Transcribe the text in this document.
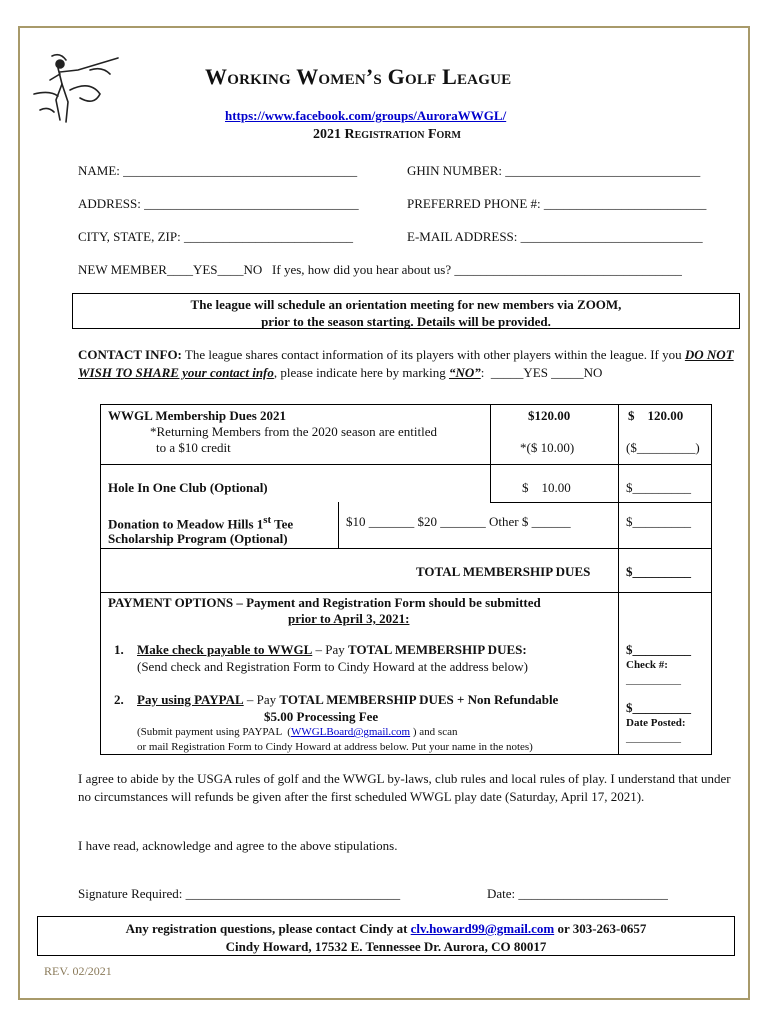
Working Women’s Golf League
https://www.facebook.com/groups/AuroraWWGL/
2021 Registration Form
NAME: ____________________________________	GHIN NUMBER: ______________________________
ADDRESS: _________________________________	PREFERRED PHONE #: _________________________
CITY, STATE, ZIP: __________________________	E-MAIL ADDRESS: ____________________________
NEW MEMBER____YES____NO   If yes, how did you hear about us? ___________________________________
The league will schedule an orientation meeting for new members via ZOOM,
prior to the season starting. Details will be provided.
CONTACT INFO: The league shares contact information of its players with other players within the league. If you DO NOT WISH TO SHARE your contact info, please indicate here by marking “NO”:  _____YES _____NO
WWGL Membership Dues 2021
*Returning Members from the 2020 season are entitled
to a $10 credit
$120.00	$    120.00
*($ 10.00)	($_________)
Hole In One Club (Optional)	$    10.00	$_________
Donation to Meadow Hills 1st Tee
Scholarship Program (Optional)
$10 _______ $20 _______ Other $ ______	$_________
TOTAL MEMBERSHIP DUES	$_________
PAYMENT OPTIONS – Payment and Registration Form should be submitted
prior to April 3, 2021:
1. Make check payable to WWGL – Pay TOTAL MEMBERSHIP DUES:
(Send check and Registration Form to Cindy Howard at the address below)
$_________
Check #:
__________
2. Pay using PAYPAL – Pay TOTAL MEMBERSHIP DUES + Non Refundable
$5.00 Processing Fee
(Submit payment using PAYPAL  (WWGLBoard@gmail.com ) and scan
or mail Registration Form to Cindy Howard at address below. Put your name in the notes)
$_________
Date Posted:
__________
I agree to abide by the USGA rules of golf and the WWGL by-laws, club rules and local rules of play. I understand that under no circumstances will refunds be given after the first scheduled WWGL play date (Saturday, April 17, 2021).
I have read, acknowledge and agree to the above stipulations.
Signature Required: _________________________________	Date: _______________________
Any registration questions, please contact Cindy at clv.howard99@gmail.com or 303-263-0657
Cindy Howard, 17532 E. Tennessee Dr. Aurora, CO 80017
REV. 02/2021
